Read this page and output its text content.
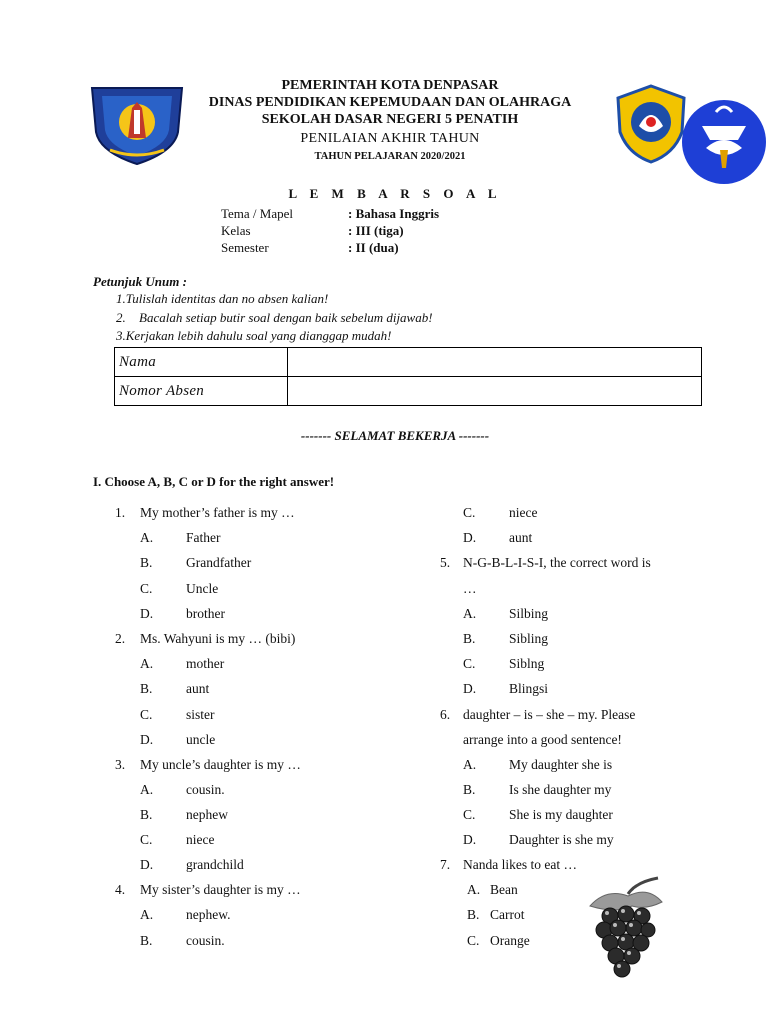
PEMERINTAH KOTA DENPASAR
DINAS PENDIDIKAN KEPEMUDAAN DAN OLAHRAGA
SEKOLAH DASAR NEGERI 5 PENATIH
PENILAIAN AKHIR TAHUN
TAHUN PELAJARAN 2020/2021
L E M B A R S O A L
Tema / Mapel	: Bahasa Inggris
Kelas	: III (tiga)
Semester	: II (dua)
Petunjuk Unum :
1.Tulislah identitas dan no absen kalian!
2. Bacalah setiap butir soal dengan baik sebelum dijawab!
3.Kerjakan lebih dahulu soal yang dianggap mudah!
Nama	
Nomor Absen	
------- SELAMAT BEKERJA -------
I. Choose A, B, C or D for the right answer!
1. My mother’s father is my …
A. Father
B. Grandfather
C. Uncle
D. brother
2. Ms. Wahyuni is my … (bibi)
A. mother
B. aunt
C. sister
D. uncle
3. My uncle’s daughter is my …
A. cousin.
B. nephew
C. niece
D. grandchild
4. My sister’s daughter is my …
A. nephew.
B. cousin.
C. niece
D. aunt
5. N-G-B-L-I-S-I, the correct word is
…
A. Silbing
B. Sibling
C. Siblng
D. Blingsi
6. daughter – is – she – my. Please
arrange into a good sentence!
A. My daughter she is
B. Is she daughter my
C. She is my daughter
D. Daughter is she my
7. Nanda likes to eat …
A. Bean
B. Carrot
C. Orange
